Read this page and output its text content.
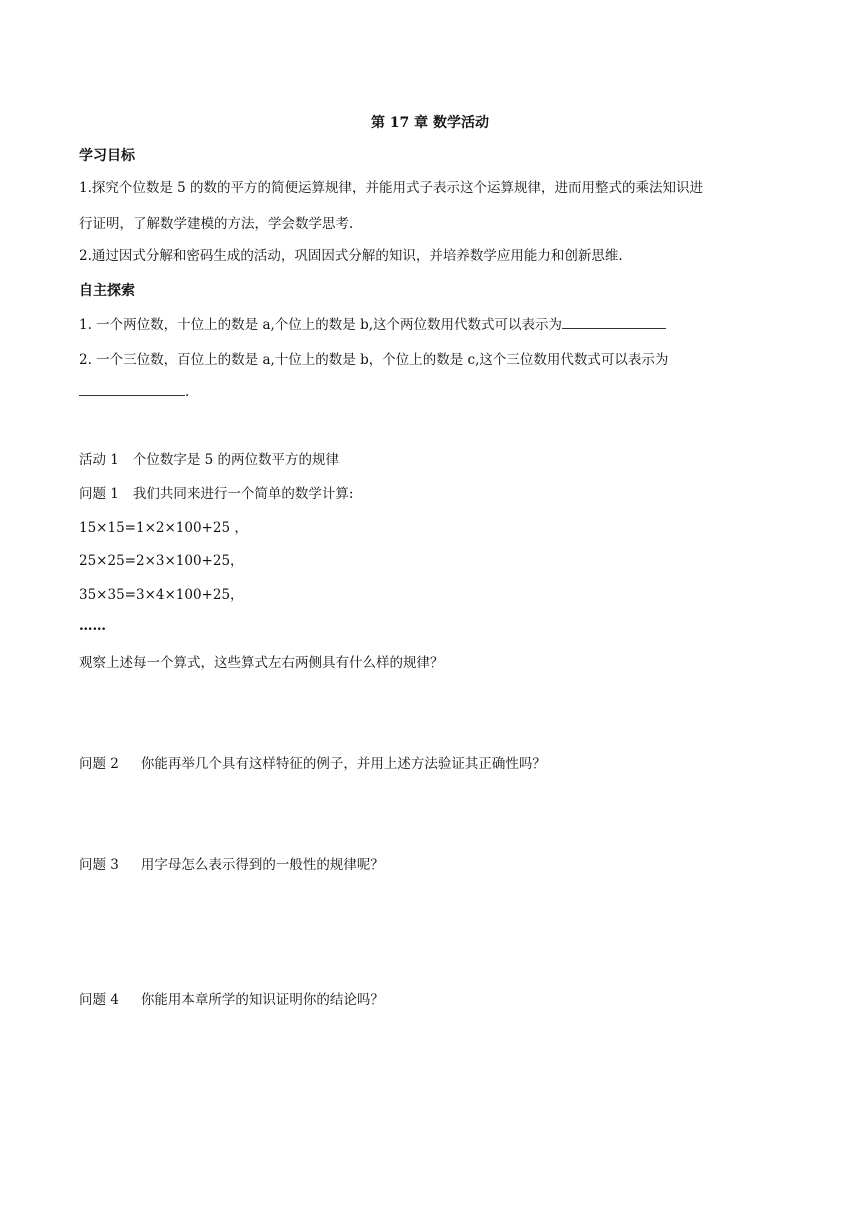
第 17 章 数学活动
学习目标
1.探究个位数是 5 的数的平方的简便运算规律，并能用式子表示这个运算规律，进而用整式的乘法知识进
行证明，了解数学建模的方法，学会数学思考.
2.通过因式分解和密码生成的活动，巩固因式分解的知识，并培养数学应用能力和创新思维.
自主探索
1. 一个两位数，十位上的数是 a,个位上的数是 b,这个两位数用代数式可以表示为
2. 一个三位数，百位上的数是 a,十位上的数是 b，个位上的数是 c,这个三位数用代数式可以表示为
.
活动 1 个位数字是 5 的两位数平方的规律
问题 1 我们共同来进行一个简单的数学计算:
15×15=1×2×100+25 ，
25×25=2×3×100+25，
35×35=3×4×100+25，
……
观察上述每一个算式，这些算式左右两侧具有什么样的规律？
问题 2 你能再举几个具有这样特征的例子，并用上述方法验证其正确性吗？
问题 3 用字母怎么表示得到的一般性的规律呢？
问题 4 你能用本章所学的知识证明你的结论吗？
